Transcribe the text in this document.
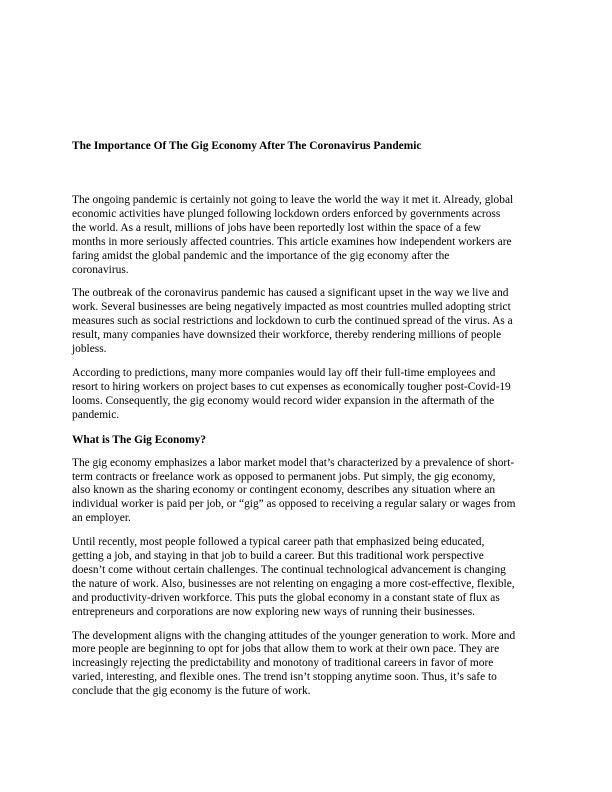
The Importance Of The Gig Economy After The Coronavirus Pandemic

The ongoing pandemic is certainly not going to leave the world the way it met it. Already, global
economic activities have plunged following lockdown orders enforced by governments across
the world. As a result, millions of jobs have been reportedly lost within the space of a few
months in more seriously affected countries. This article examines how independent workers are
faring amidst the global pandemic and the importance of the gig economy after the
coronavirus.

The outbreak of the coronavirus pandemic has caused a significant upset in the way we live and
work. Several businesses are being negatively impacted as most countries mulled adopting strict
measures such as social restrictions and lockdown to curb the continued spread of the virus. As a
result, many companies have downsized their workforce, thereby rendering millions of people
jobless.

According to predictions, many more companies would lay off their full-time employees and
resort to hiring workers on project bases to cut expenses as economically tougher post-Covid-19
looms. Consequently, the gig economy would record wider expansion in the aftermath of the
pandemic.

What is The Gig Economy?

The gig economy emphasizes a labor market model that’s characterized by a prevalence of short-
term contracts or freelance work as opposed to permanent jobs. Put simply, the gig economy,
also known as the sharing economy or contingent economy, describes any situation where an
individual worker is paid per job, or “gig” as opposed to receiving a regular salary or wages from
an employer.

Until recently, most people followed a typical career path that emphasized being educated,
getting a job, and staying in that job to build a career. But this traditional work perspective
doesn’t come without certain challenges. The continual technological advancement is changing
the nature of work. Also, businesses are not relenting on engaging a more cost-effective, flexible,
and productivity-driven workforce. This puts the global economy in a constant state of flux as
entrepreneurs and corporations are now exploring new ways of running their businesses.

The development aligns with the changing attitudes of the younger generation to work. More and
more people are beginning to opt for jobs that allow them to work at their own pace. They are
increasingly rejecting the predictability and monotony of traditional careers in favor of more
varied, interesting, and flexible ones. The trend isn’t stopping anytime soon. Thus, it’s safe to
conclude that the gig economy is the future of work.
